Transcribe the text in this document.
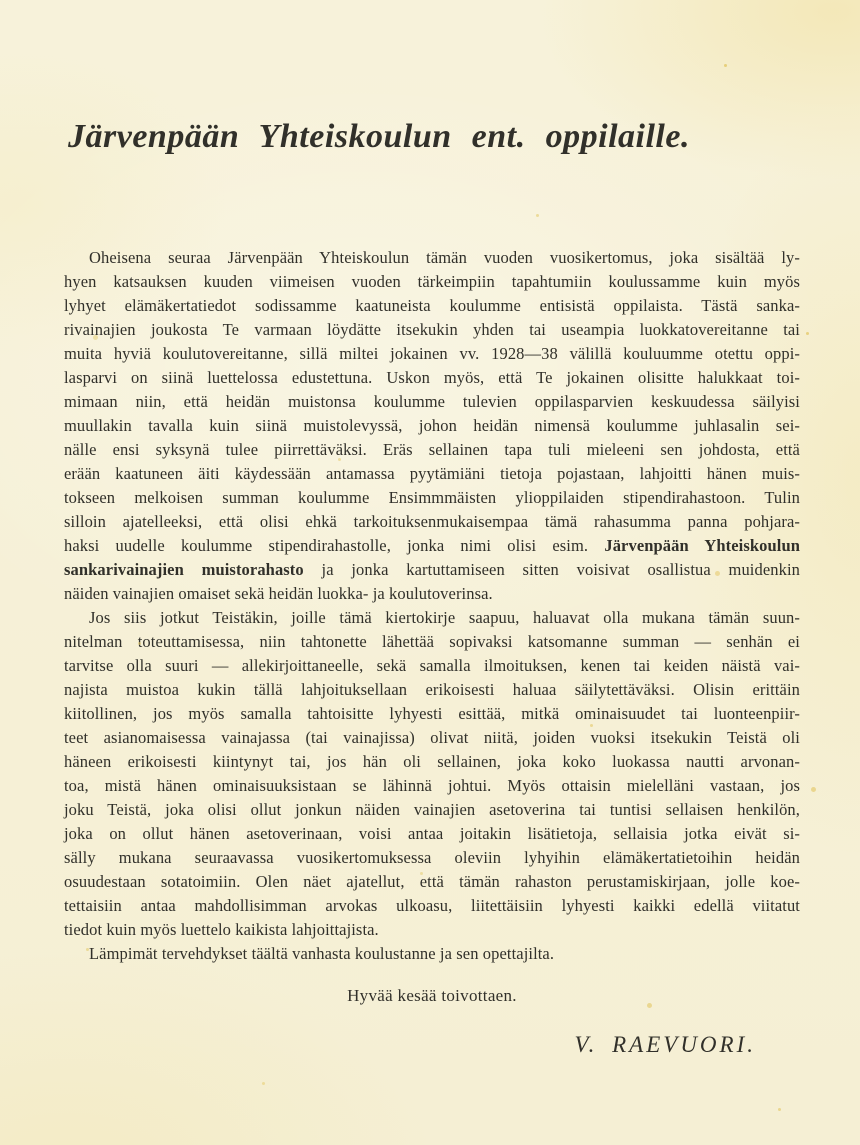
Järvenpään Yhteiskoulun ent. oppilaille.
Oheisena seuraa Järvenpään Yhteiskoulun tämän vuoden vuosikertomus, joka sisältää ly-
hyen katsauksen kuuden viimeisen vuoden tärkeimpiin tapahtumiin koulussamme kuin myös
lyhyet elämäkertatiedot sodissamme kaatuneista koulumme entisistä oppilaista. Tästä sanka-
rivainajien joukosta Te varmaan löydätte itsekukin yhden tai useampia luokkatovereitanne tai
muita hyviä koulutovereitanne, sillä miltei jokainen vv. 1928—38 välillä kouluumme otettu oppi-
lasparvi on siinä luettelossa edustettuna. Uskon myös, että Te jokainen olisitte halukkaat toi-
mimaan niin, että heidän muistonsa koulumme tulevien oppilasparvien keskuudessa säilyisi
muullakin tavalla kuin siinä muistolevyssä, johon heidän nimensä koulumme juhlasalin sei-
nälle ensi syksynä tulee piirrettäväksi. Eräs sellainen tapa tuli mieleeni sen johdosta, että
erään kaatuneen äiti käydessään antamassa pyytämiäni tietoja pojastaan, lahjoitti hänen muis-
tokseen melkoisen summan koulumme Ensimmmäisten ylioppilaiden stipendirahastoon. Tulin
silloin ajatelleeksi, että olisi ehkä tarkoituksenmukaisempaa tämä rahasumma panna pohjara-
haksi uudelle koulumme stipendirahastolle, jonka nimi olisi esim. Järvenpään Yhteiskoulun
sankarivainajien muistorahasto ja jonka kartuttamiseen sitten voisivat osallistua muidenkin
näiden vainajien omaiset sekä heidän luokka- ja koulutoverinsa.
Jos siis jotkut Teistäkin, joille tämä kiertokirje saapuu, haluavat olla mukana tämän suun-
nitelman toteuttamisessa, niin tahtonette lähettää sopivaksi katsomanne summan — senhän ei
tarvitse olla suuri — allekirjoittaneelle, sekä samalla ilmoituksen, kenen tai keiden näistä vai-
najista muistoa kukin tällä lahjoituksellaan erikoisesti haluaa säilytettäväksi. Olisin erittäin
kiitollinen, jos myös samalla tahtoisitte lyhyesti esittää, mitkä ominaisuudet tai luonteenpiir-
teet asianomaisessa vainajassa (tai vainajissa) olivat niitä, joiden vuoksi itsekukin Teistä oli
häneen erikoisesti kiintynyt tai, jos hän oli sellainen, joka koko luokassa nautti arvonan-
toa, mistä hänen ominaisuuksistaan se lähinnä johtui. Myös ottaisin mielelläni vastaan, jos
joku Teistä, joka olisi ollut jonkun näiden vainajien asetoverina tai tuntisi sellaisen henkilön,
joka on ollut hänen asetoverinaan, voisi antaa joitakin lisätietoja, sellaisia jotka eivät si-
sälly mukana seuraavassa vuosikertomuksessa oleviin lyhyihin elämäkertatietoihin heidän
osuudestaan sotatoimiin. Olen näet ajatellut, että tämän rahaston perustamiskirjaan, jolle koe-
tettaisiin antaa mahdollisimman arvokas ulkoasu, liitettäisiin lyhyesti kaikki edellä viitatut
tiedot kuin myös luettelo kaikista lahjoittajista.
Lämpimät tervehdykset täältä vanhasta koulustanne ja sen opettajilta.
Hyvää kesää toivottaen.
V. RAEVUORI.
